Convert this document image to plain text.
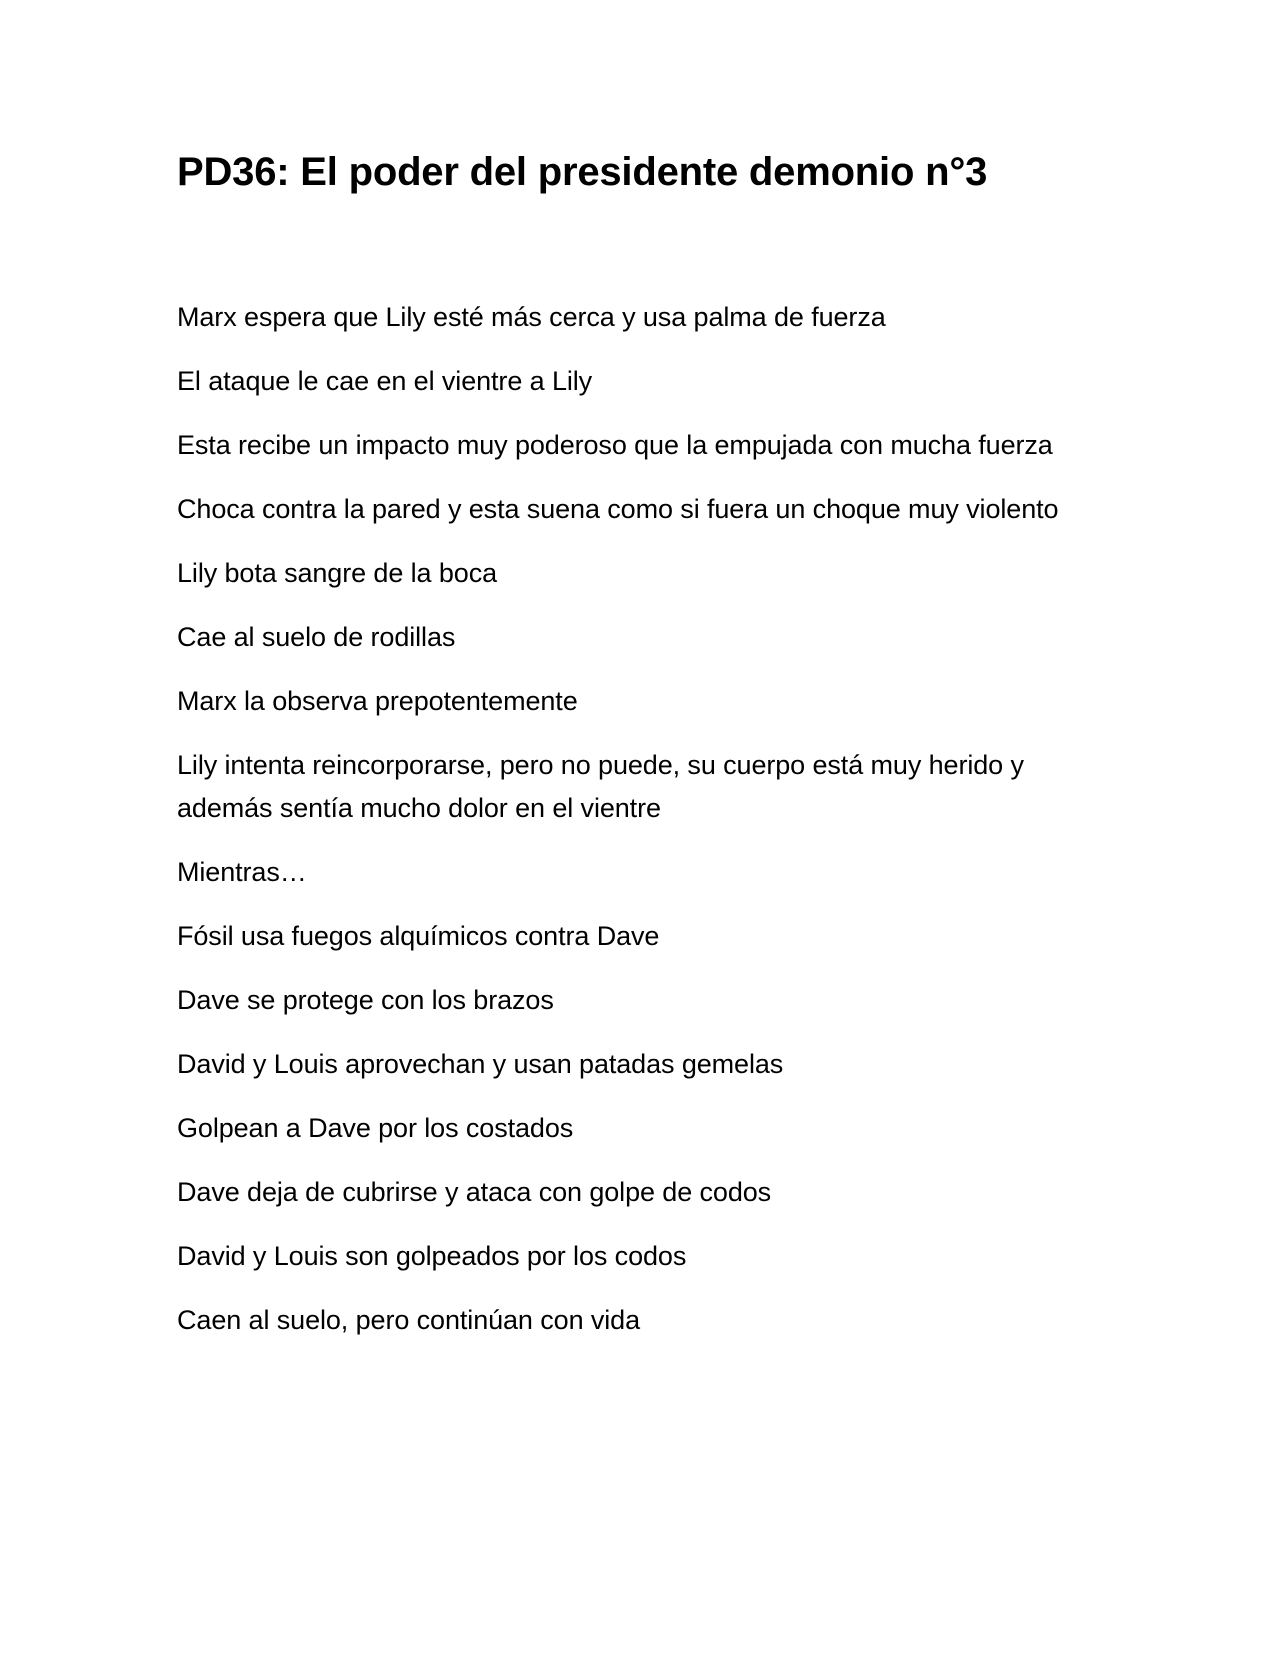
PD36: El poder del presidente demonio n°3

Marx espera que Lily esté más cerca y usa palma de fuerza

El ataque le cae en el vientre a Lily

Esta recibe un impacto muy poderoso que la empujada con mucha fuerza

Choca contra la pared y esta suena como si fuera un choque muy violento

Lily bota sangre de la boca

Cae al suelo de rodillas

Marx la observa prepotentemente

Lily intenta reincorporarse, pero no puede, su cuerpo está muy herido y además sentía mucho dolor en el vientre

Mientras…

Fósil usa fuegos alquímicos contra Dave

Dave se protege con los brazos

David y Louis aprovechan y usan patadas gemelas

Golpean a Dave por los costados

Dave deja de cubrirse y ataca con golpe de codos

David y Louis son golpeados por los codos

Caen al suelo, pero continúan con vida
